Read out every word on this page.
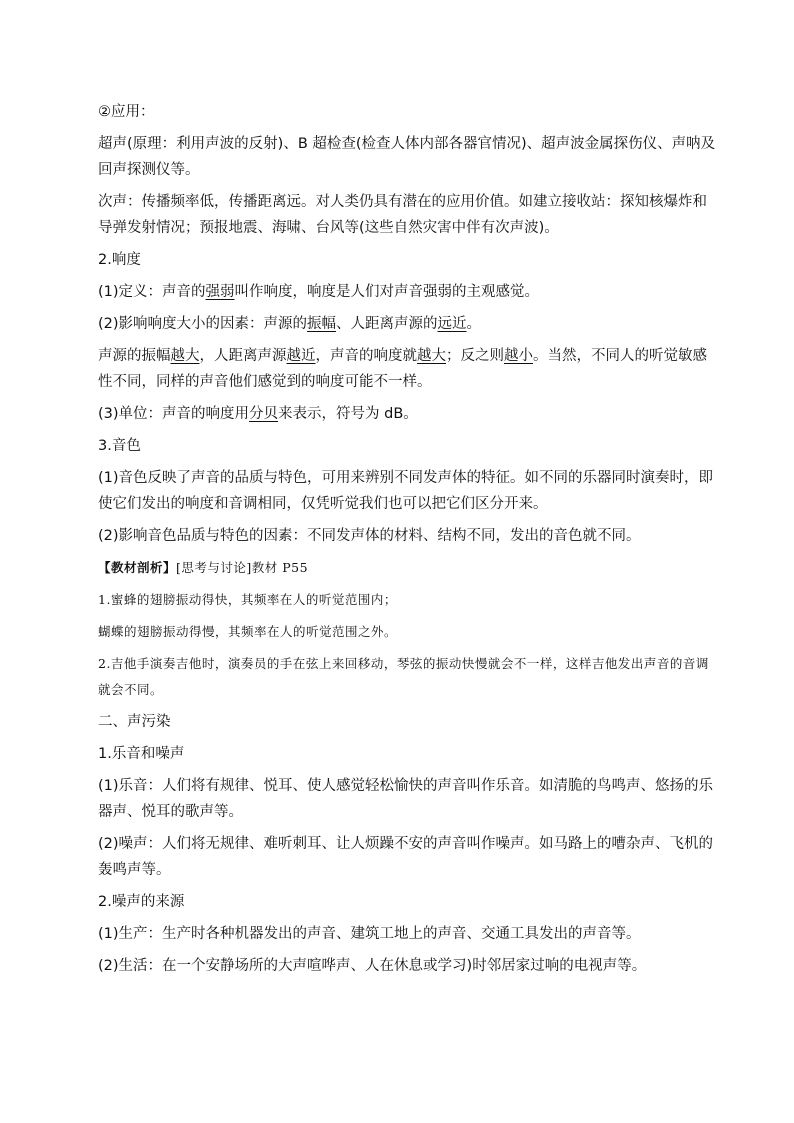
②应用：

超声(原理：利用声波的反射)、B 超检查(检查人体内部各器官情况)、超声波金属探伤仪、声呐及回声探测仪等。

次声：传播频率低，传播距离远。对人类仍具有潜在的应用价值。如建立接收站：探知核爆炸和导弹发射情况；预报地震、海啸、台风等(这些自然灾害中伴有次声波)。

2.响度

(1)定义：声音的强弱叫作响度，响度是人们对声音强弱的主观感觉。

(2)影响响度大小的因素：声源的振幅、人距离声源的远近。

声源的振幅越大，人距离声源越近，声音的响度就越大；反之则越小。当然，不同人的听觉敏感性不同，同样的声音他们感觉到的响度可能不一样。

(3)单位：声音的响度用分贝来表示，符号为 dB。

3.音色

(1)音色反映了声音的品质与特色，可用来辨别不同发声体的特征。如不同的乐器同时演奏时，即使它们发出的响度和音调相同，仅凭听觉我们也可以把它们区分开来。

(2)影响音色品质与特色的因素：不同发声体的材料、结构不同，发出的音色就不同。

【教材剖析】[思考与讨论]教材 P55

1.蜜蜂的翅膀振动得快，其频率在人的听觉范围内；

蝴蝶的翅膀振动得慢，其频率在人的听觉范围之外。

2.吉他手演奏吉他时，演奏员的手在弦上来回移动，琴弦的振动快慢就会不一样，这样吉他发出声音的音调就会不同。

二、声污染

1.乐音和噪声

(1)乐音：人们将有规律、悦耳、使人感觉轻松愉快的声音叫作乐音。如清脆的鸟鸣声、悠扬的乐器声、悦耳的歌声等。

(2)噪声：人们将无规律、难听刺耳、让人烦躁不安的声音叫作噪声。如马路上的嘈杂声、飞机的轰鸣声等。

2.噪声的来源

(1)生产：生产时各种机器发出的声音、建筑工地上的声音、交通工具发出的声音等。

(2)生活：在一个安静场所的大声喧哗声、人在休息或学习)时邻居家过响的电视声等。
